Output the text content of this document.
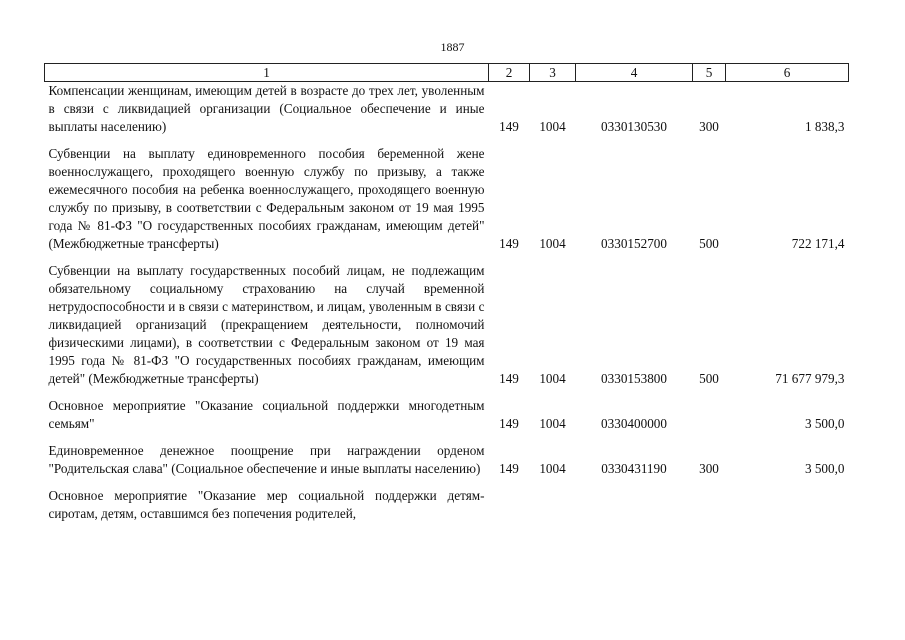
1887
1	2	3	4	5	6
Компенсации женщинам, имеющим детей в возрасте до трех лет, уволенным в связи с ликвидацией организации (Социальное обеспечение и иные выплаты населению)	149	1004	0330130530	300	1 838,3
Субвенции на выплату единовременного пособия беременной жене военнослужащего, проходящего военную службу по призыву, а также ежемесячного пособия на ребенка военнослужащего, проходящего военную службу по призыву, в соответствии с Федеральным законом от 19 мая 1995 года № 81-ФЗ "О государственных пособиях гражданам, имеющим детей" (Межбюджетные трансферты)	149	1004	0330152700	500	722 171,4
Субвенции на выплату государственных пособий лицам, не подлежащим обязательному социальному страхованию на случай временной нетрудоспособности и в связи с материнством, и лицам, уволенным в связи с ликвидацией организаций (прекращением деятельности, полномочий физическими лицами), в соответствии с Федеральным законом от 19 мая 1995 года № 81-ФЗ "О государственных пособиях гражданам, имеющим детей" (Межбюджетные трансферты)	149	1004	0330153800	500	71 677 979,3
Основное мероприятие "Оказание социальной поддержки многодетным семьям"	149	1004	0330400000		3 500,0
Единовременное денежное поощрение при награждении орденом "Родительская слава" (Социальное обеспечение и иные выплаты населению)	149	1004	0330431190	300	3 500,0
Основное мероприятие "Оказание мер социальной поддержки детям-сиротам, детям, оставшимся без попечения родителей,					
